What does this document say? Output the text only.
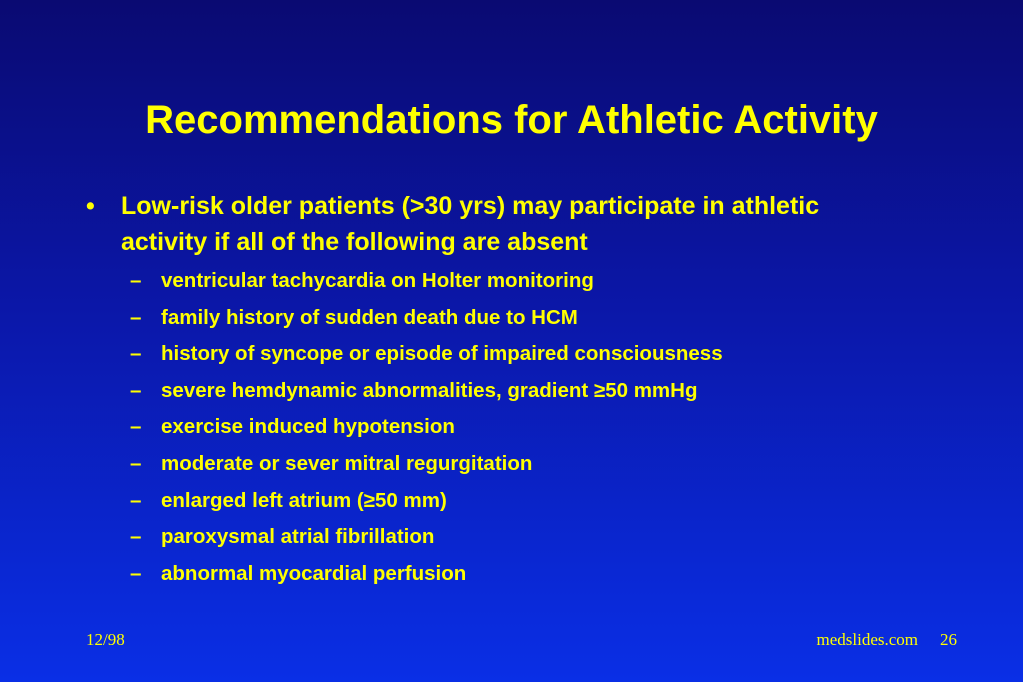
Recommendations for Athletic Activity
•	Low-risk older patients (>30 yrs) may participate in athletic activity if all of the following are absent
– ventricular tachycardia on Holter monitoring
– family history of sudden death due to HCM
– history of syncope or episode of impaired consciousness
– severe hemdynamic abnormalities, gradient ≥50 mmHg
– exercise induced hypotension
– moderate or sever mitral regurgitation
– enlarged left atrium (≥50 mm)
– paroxysmal atrial fibrillation
– abnormal myocardial perfusion
12/98	medslides.com 26
